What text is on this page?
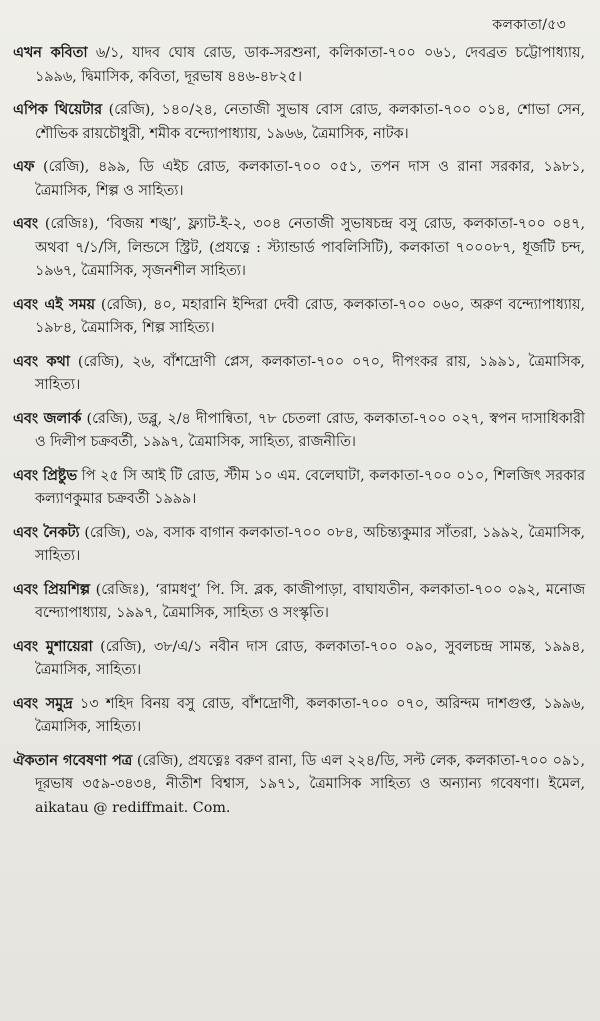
কলকাতা/৫৩

এখন কবিতা ৬/১, যাদব ঘোষ রোড, ডাক-সরশুনা, কলিকাতা-৭০০ ০৬১, দেবব্রত চট্টোপাধ্যায়, ১৯৯৬, দ্বিমাসিক, কবিতা, দূরভাষ ৪৪৬-৪৮২৫।

এপিক থিয়েটার (রেজি), ১৪০/২৪, নেতাজী সুভাষ বোস রোড, কলকাতা-৭০০ ০১৪, শোভা সেন, শৌভিক রায়চৌধুরী, শমীক বন্দ্যোপাধ্যায়, ১৯৬৬, ত্রৈমাসিক, নাটক।

এফ (রেজি), ৪৯৯, ডি এইচ রোড, কলকাতা-৭০০ ০৫১, তপন দাস ও রানা সরকার, ১৯৮১, ত্রৈমাসিক, শিল্প ও সাহিত্য।

এবং (রেজিঃ), ‘বিজয় শঙ্খ’, ফ্ল্যাট-ই-২, ৩০৪ নেতাজী সুভাষচন্দ্র বসু রোড, কলকাতা-৭০০ ০৪৭, অথবা ৭/১/সি, লিন্ডসে স্ট্রিট, (প্রযত্নে : স্ট্যান্ডার্ড পাবলিসিটি), কলকাতা ৭০০০৮৭, ধূর্জটি চন্দ, ১৯৬৭, ত্রৈমাসিক, সৃজনশীল সাহিত্য।

এবং এই সময় (রেজি), ৪০, মহারানি ইন্দিরা দেবী রোড, কলকাতা-৭০০ ০৬০, অরুণ বন্দ্যোপাধ্যায়, ১৯৮৪, ত্রৈমাসিক, শিল্প সাহিত্য।

এবং কথা (রেজি), ২৬, বাঁশদ্রোণী প্লেস, কলকাতা-৭০০ ০৭০, দীপংকর রায়, ১৯৯১, ত্রৈমাসিক, সাহিত্য।

এবং জলার্ক (রেজি), ডব্লু, ২/৪ দীপান্বিতা, ৭৮ চেতলা রোড, কলকাতা-৭০০ ০২৭, স্বপন দাসাধিকারী ও দিলীপ চক্রবর্তী, ১৯৯৭, ত্রৈমাসিক, সাহিত্য, রাজনীতি।

এবং প্রিষ্টুভ পি ২৫ সি আই টি রোড, স্টীম ১০ এম. বেলেঘাটা, কলকাতা-৭০০ ০১০, শিলজিৎ সরকার কল্যাণকুমার চক্রবর্তী ১৯৯৯।

এবং নৈকট্য (রেজি), ৩৯, বসাক বাগান কলকাতা-৭০০ ০৮৪, অচিন্ত্যকুমার সাঁতরা, ১৯৯২, ত্রৈমাসিক, সাহিত্য।

এবং প্রিয়শিল্প (রেজিঃ), ‘রামধণু’ পি. সি. ব্লক, কাজীপাড়া, বাঘাযতীন, কলকাতা-৭০০ ০৯২, মনোজ বন্দ্যোপাধ্যায়, ১৯৯৭, ত্রৈমাসিক, সাহিত্য ও সংস্কৃতি।

এবং মুশায়েরা (রেজি), ৩৮/এ/১ নবীন দাস রোড, কলকাতা-৭০০ ০৯০, সুবলচন্দ্র সামন্ত, ১৯৯৪, ত্রৈমাসিক, সাহিত্য।

এবং সমুদ্র ১৩ শহিদ বিনয় বসু রোড, বাঁশদ্রোণী, কলকাতা-৭০০ ০৭০, অরিন্দম দাশগুপ্ত, ১৯৯৬, ত্রৈমাসিক, সাহিত্য।

ঐকতান গবেষণা পত্র (রেজি), প্রযত্নেঃ বরুণ রানা, ডি এল ২২৪/ডি, সল্ট লেক, কলকাতা-৭০০ ০৯১, দূরভাষ ৩৫৯-৩৪৩৪, নীতীশ বিশ্বাস, ১৯৭১, ত্রৈমাসিক সাহিত্য ও অন্যান্য গবেষণা। ইমেল, aikatau @ rediffmait. Com.
